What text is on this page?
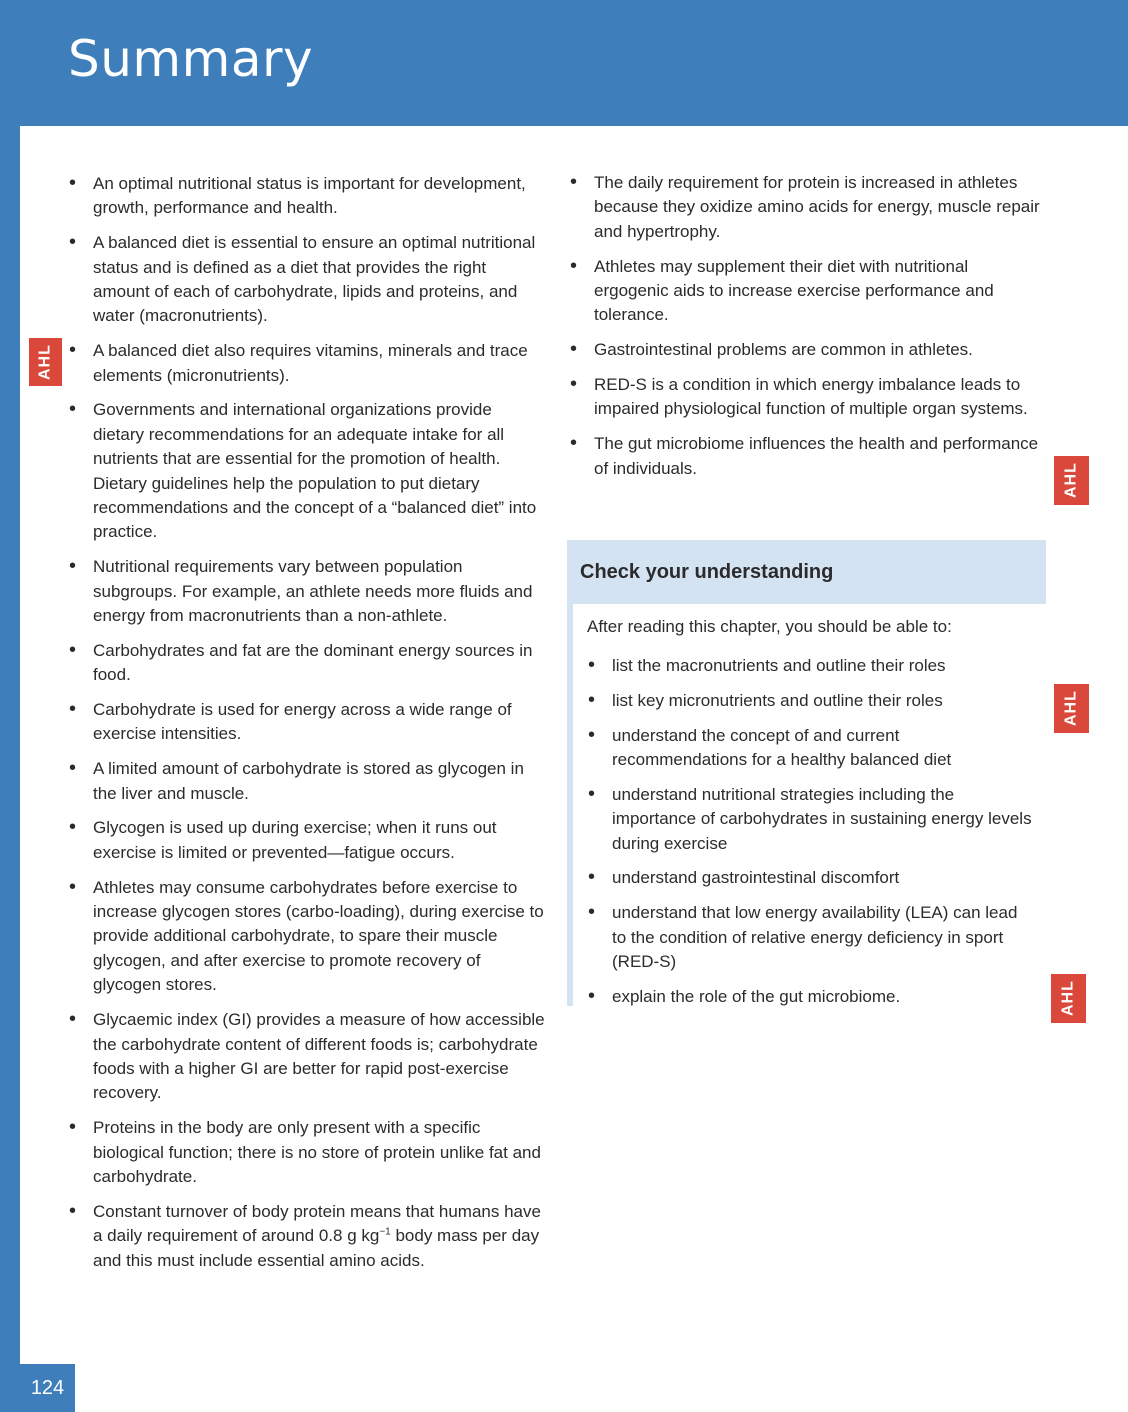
Summary
124
AHL
AHL
AHL
AHL
• An optimal nutritional status is important for development, growth, performance and health.
• A balanced diet is essential to ensure an optimal nutritional status and is defined as a diet that provides the right amount of each of carbohydrate, lipids and proteins, and water (macronutrients).
• A balanced diet also requires vitamins, minerals and trace elements (micronutrients).
• Governments and international organizations provide dietary recommendations for an adequate intake for all nutrients that are essential for the promotion of health. Dietary guidelines help the population to put dietary recommendations and the concept of a “balanced diet” into practice.
• Nutritional requirements vary between population subgroups. For example, an athlete needs more fluids and energy from macronutrients than a non-athlete.
• Carbohydrates and fat are the dominant energy sources in food.
• Carbohydrate is used for energy across a wide range of exercise intensities.
• A limited amount of carbohydrate is stored as glycogen in the liver and muscle.
• Glycogen is used up during exercise; when it runs out exercise is limited or prevented—fatigue occurs.
• Athletes may consume carbohydrates before exercise to increase glycogen stores (carbo-loading), during exercise to provide additional carbohydrate, to spare their muscle glycogen, and after exercise to promote recovery of glycogen stores.
• Glycaemic index (GI) provides a measure of how accessible the carbohydrate content of different foods is; carbohydrate foods with a higher GI are better for rapid post-exercise recovery.
• Proteins in the body are only present with a specific biological function; there is no store of protein unlike fat and carbohydrate.
• Constant turnover of body protein means that humans have a daily requirement of around 0.8 g $kg^{-1}$ body mass per day and this must include essential amino acids.
• The daily requirement for protein is increased in athletes because they oxidize amino acids for energy, muscle repair and hypertrophy.
• Athletes may supplement their diet with nutritional ergogenic aids to increase exercise performance and tolerance.
• Gastrointestinal problems are common in athletes.
• RED-S is a condition in which energy imbalance leads to impaired physiological function of multiple organ systems.
• The gut microbiome influences the health and performance of individuals.
Check your understanding
After reading this chapter, you should be able to:
• list the macronutrients and outline their roles
• list key micronutrients and outline their roles
• understand the concept of and current recommendations for a healthy balanced diet
• understand nutritional strategies including the importance of carbohydrates in sustaining energy levels during exercise
• understand gastrointestinal discomfort
• understand that low energy availability (LEA) can lead to the condition of relative energy deficiency in sport (RED-S)
• explain the role of the gut microbiome.
